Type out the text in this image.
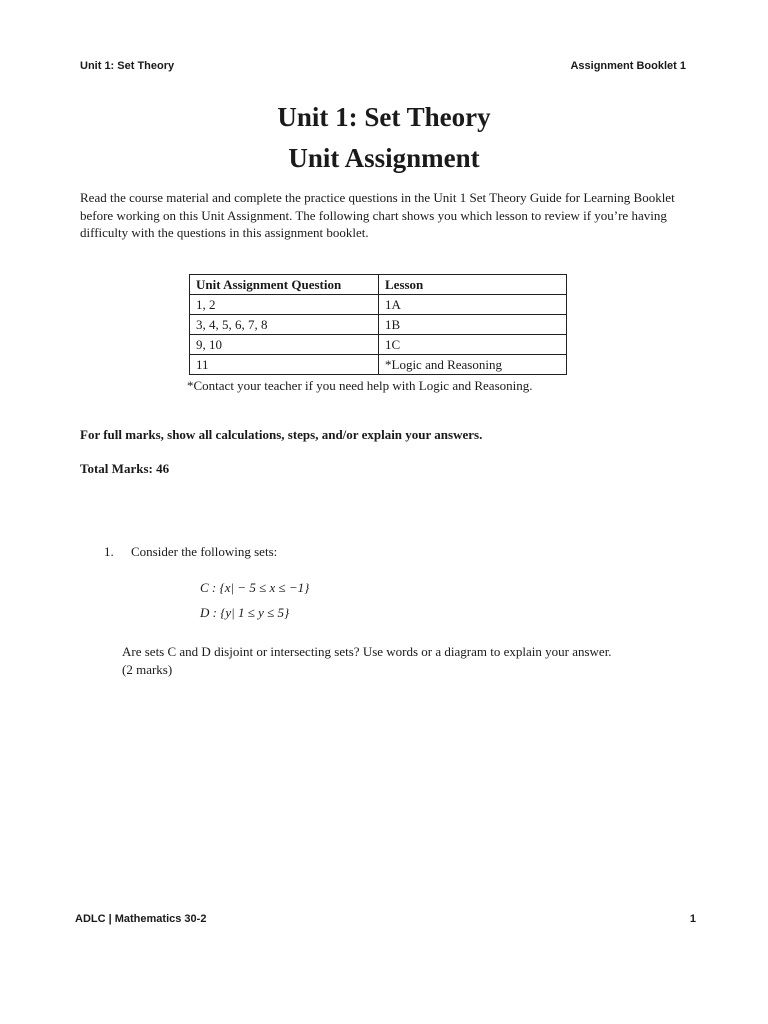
Unit 1: Set Theory	Assignment Booklet 1
Unit 1: Set Theory
Unit Assignment

Read the course material and complete the practice questions in the Unit 1 Set Theory Guide for Learning Booklet before working on this Unit Assignment. The following chart shows you which lesson to review if you’re having difficulty with the questions in this assignment booklet.

Unit Assignment Question	Lesson
1, 2	1A
3, 4, 5, 6, 7, 8	1B
9, 10	1C
11	*Logic and Reasoning
*Contact your teacher if you need help with Logic and Reasoning.
For full marks, show all calculations, steps, and/or explain your answers.
Total Marks: 46
1. Consider the following sets:
C : {x| − 5 ≤ x ≤ −1}
D : {y| 1 ≤ y ≤ 5}
Are sets C and D disjoint or intersecting sets? Use words or a diagram to explain your answer.
(2 marks)
ADLC | Mathematics 30-2	1
